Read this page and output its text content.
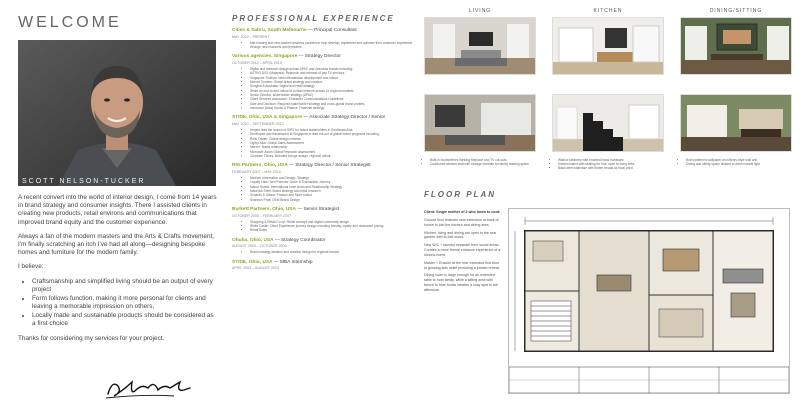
WELCOME
SCOTT NELSON-TUCKER

A recent convert into the world of interior design, I come from 14 years in brand strategy and consumer insights. There I assisted clients in creating new products, retail environs and communications that improved brand equity and the customer experience.

Always a fan of the modern masters and the Arts & Crafts movement, I'm finally scratching an itch I've had all along—designing bespoke homes and furniture for the modern family.

I believe:

• Craftsmanship and simplified living should be an output of every project
• Form follows function, making it more personal for clients and leaving a memorable impression on others,
• Locally made and sustainable products should be considered as a first choice

Thanks for considering my services for your project.

PROFESSIONAL EXPERIENCE
Cities & Sabru, South Melbourne — Principal Consultant
MAY 2019 – PRESENT
• Met existing and new-market business partners to help develop, implement and optimise their customer experience through new channels and territories
Various agencies, Singapore — Strategy Director
OCTOBER 2012 – APRIL 2019
• Digital and research design across APAC and overseas brands including:
• ASTRO DIGI (Malaysia): Relaunch and rebrand of pay TV services
• Singapore Tourism: New international development and rollout
• Mercer Tourism: Global brand strategy and creative
• Songhai & Australia: Digital and retail strategy
• Strike an end-to-end rollout of a retail network across 15 regional markets
• Senior Director, shareholder strategy (APAC)
• Client Services Assurance: Character Communications Guidelines
• Sale and Decision: Required stakeholder strategy and cross-global brand profiles
• Insurance (Asia) Hooks & Pliance: Financial strategy
STIDE, Ohio, USA & Singapore — Associate Strategy Director / Senior
MAY 2010 – SEPTEMBER 2012
• Helped lead the launch of SIPS for brand stakeholders in Southeast Asia
• Developed and transitioned to Singapore to lead roll-out of global brand programs including:
• Rolls Owner: Global design network
• Ogilvy Asia: Global Sales Assessment
• Mercer: Brand relationship
• Microsoft: Asian Global Research Assessment
• Charlotte Tilbury: Branded lounge design, regional rollout
RIG Partners, Ohio, USA — Strategy Director / Senior Strategist
FEBRUARY 2007 – MAY 2010
• Medium Information and Design: Strategy
• Loyalty Labs: Net Promoter Score & Transaction Journey
• Manor Hotels: International hotel chain and Relationship Strategy
• Maverick Shell: Brand strategy and retail research
• Schauer & Gillam: Product and Store rollout
• Shannon Pratt: OEM Brand Design
Burkett Partners, Ohio, USA — Senior Strategist
OCTOBER 2005 – FEBRUARY 2007
• Shopping & Retail Co-op: Retail concept and digital community design
• White Castle: Client Experience journey design including Identity, loyalty and restaurant pricing
• Retail Sales
Ohuba, Ohio, USA — Strategy Coordinator
AUGUST 2003 – OCTOBER 2005
• Brand strategy ideation and creation design for regional brands
STIDE, Ohio, USA — MBA Internship
APRIL 2003 – AUGUST 2003
LIVING	KITCHEN	DINING/SITTING
• Built-in bookshelves flanking fireplace and TV cut-outs.
• Cushioned window seat with storage beneath for family reading space.
• Walnut cabinetry with brushed brass hardware.
• Kitchen island with seating for four, open to living area.
• Black steel staircase with timber treads as focal point.
• Bold patterned wallpaper and library-style wall unit.
• Dining and sitting space divided to allow natural light.
FLOOR PLAN

Client: Single mother of 2 who loves to cook

Ground floor features new extension at back of house to join the kitchen and dining area.

Kitchen, living and dining are open to the rear garden with bi-fold doors.

New W/C + laundry separate from social areas. Creates a more formal entrance experience of a historic home.

Master + Ensuite at the rear extended first floor to growing kids while providing a private retreat.

Dining room is large enough for an extended table to host family, while a sitting area with bench to hide books creates a cosy spot in the afternoon.
